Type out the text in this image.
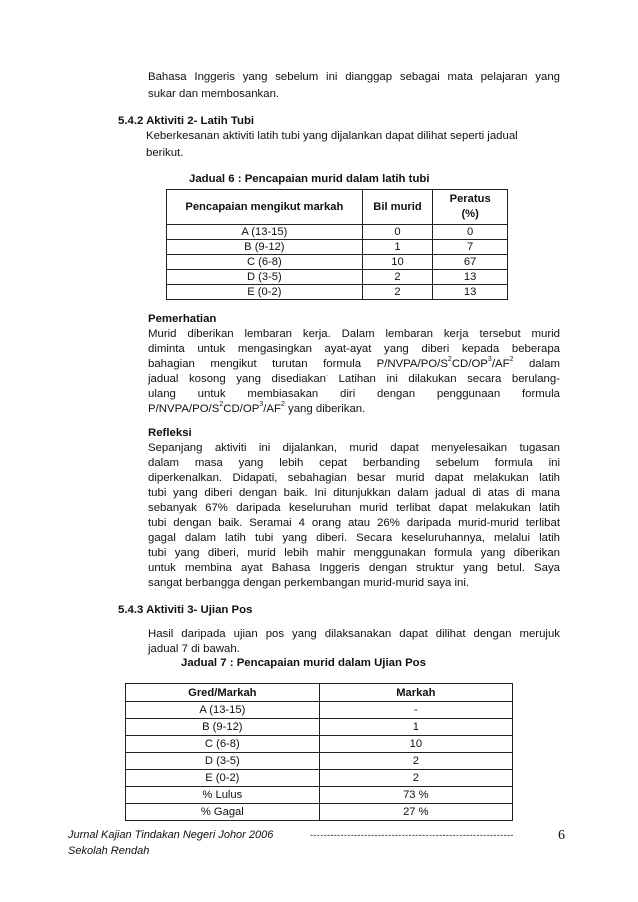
Bahasa Inggeris yang sebelum ini dianggap sebagai mata pelajaran yang
sukar dan membosankan.
5.4.2 Aktiviti 2- Latih Tubi
Keberkesanan aktiviti latih tubi yang dijalankan dapat dilihat seperti jadual
berikut.
Jadual 6 : Pencapaian murid dalam latih tubi
Pencapaian mengikut markah	Bil murid	Peratus
(%)

A (13-15)	0	0
B (9-12)	1	7
C (6-8)	10	67
D (3-5)	2	13
E (0-2)	2	13
Pemerhatian
Murid diberikan lembaran kerja. Dalam lembaran kerja tersebut murid
diminta untuk mengasingkan ayat-ayat yang diberi kepada beberapa
bahagian mengikut turutan formula $P/NVPA/PO/S^2CD/OP^3/AF^2$ dalam
jadual kosong yang disediakan. Latihan ini dilakukan secara berulang-
ulang untuk membiasakan diri dengan penggunaan formula
$P/NVPA/PO/S^2CD/OP^3/AF^2$ yang diberikan.
Refleksi
Sepanjang aktiviti ini dijalankan, murid dapat menyelesaikan tugasan
dalam masa yang lebih cepat berbanding sebelum formula ini
diperkenalkan. Didapati, sebahagian besar murid dapat melakukan latih
tubi yang diberi dengan baik. Ini ditunjukkan dalam jadual di atas di mana
sebanyak 67% daripada keseluruhan murid terlibat dapat melakukan latih
tubi dengan baik. Seramai 4 orang atau 26% daripada murid-murid terlibat
gagal dalam latih tubi yang diberi. Secara keseluruhannya, melalui latih
tubi yang diberi, murid lebih mahir menggunakan formula yang diberikan
untuk membina ayat Bahasa Inggeris dengan struktur yang betul. Saya
sangat berbangga dengan perkembangan murid-murid saya ini.
5.4.3 Aktiviti 3- Ujian Pos
Hasil daripada ujian pos yang dilaksanakan dapat dilihat dengan merujuk
jadual 7 di bawah.
Jadual 7 : Pencapaian murid dalam Ujian Pos
Gred/Markah	Markah
A (13-15)	-
B (9-12)	1
C (6-8)	10
D (3-5)	2
E (0-2)	2
% Lulus	73 %
% Gagal	27 %
Jurnal Kajian Tindakan Negeri Johor 2006	------------------------------------------------------------
Sekolah Rendah
6
